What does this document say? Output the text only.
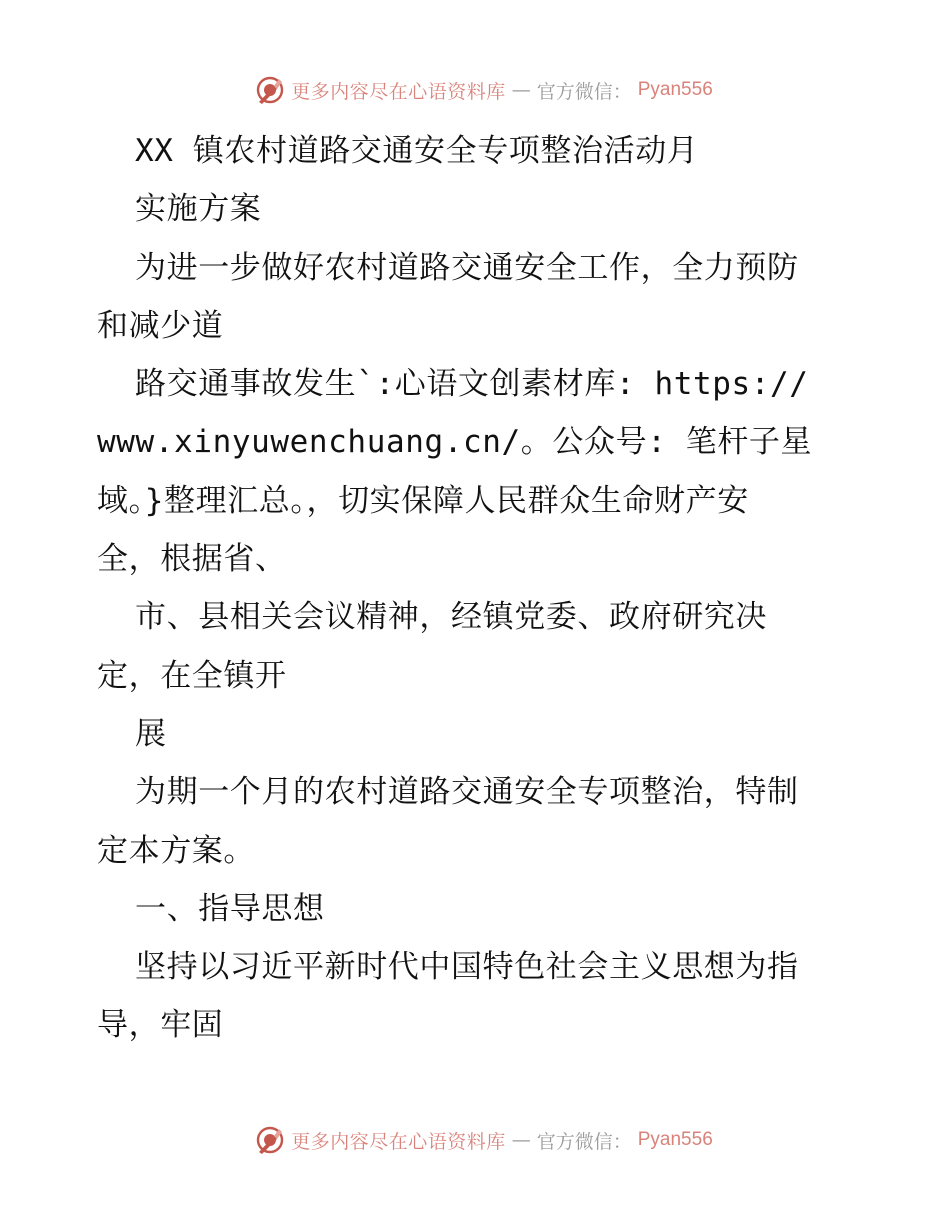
更多内容尽在心语资料库 — 官方微信： Pyan556
XX 镇农村道路交通安全专项整治活动月
实施方案
为进一步做好农村道路交通安全工作，全力预防
和减少道
路交通事故发生`:心语文创素材库: https://
www.xinyuwenchuang.cn/。公众号: 笔杆子星
域。}整理汇总。，切实保障人民群众生命财产安
全，根据省、
市、县相关会议精神，经镇党委、政府研究决
定，在全镇开
展
为期一个月的农村道路交通安全专项整治，特制
定本方案。
一、指导思想
坚持以习近平新时代中国特色社会主义思想为指
导，牢固
更多内容尽在心语资料库 — 官方微信： Pyan556
